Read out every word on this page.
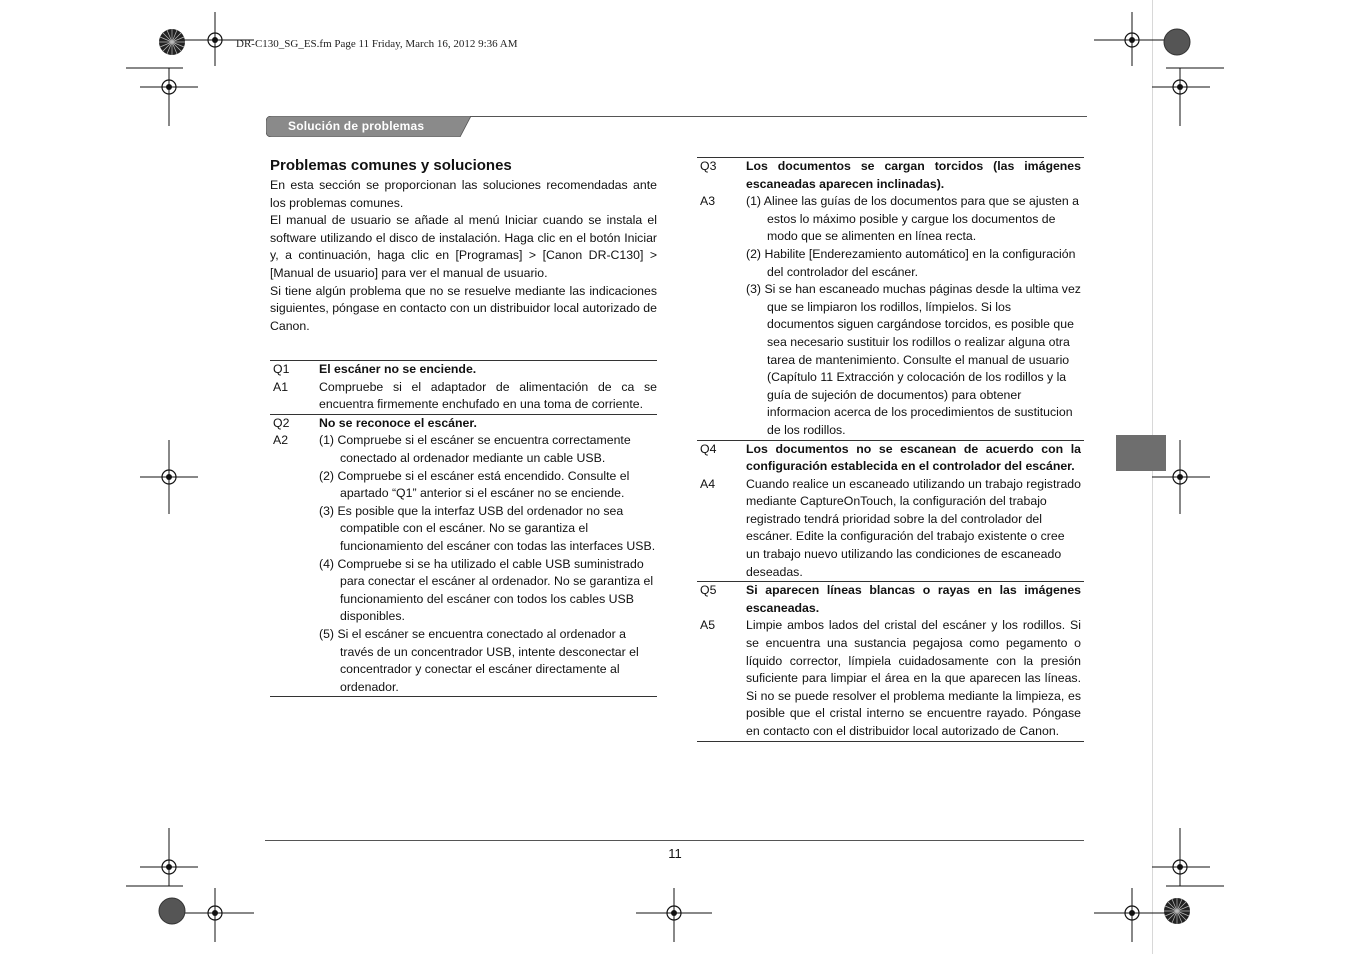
DR-C130_SG_ES.fm Page 11 Friday, March 16, 2012 9:36 AM
Solución de problemas
Problemas comunes y soluciones

En esta sección se proporcionan las soluciones recomendadas ante los problemas comunes.

El manual de usuario se añade al menú Iniciar cuando se instala el software utilizando el disco de instalación. Haga clic en el botón Iniciar y, a continuación, haga clic en [Programas] > [Canon DR-C130] > [Manual de usuario] para ver el manual de usuario.

Si tiene algún problema que no se resuelve mediante las indicaciones siguientes, póngase en contacto con un distribuidor local autorizado de Canon.

Q1	El escáner no se enciende.
A1	Compruebe si el adaptador de alimentación de ca se encuentra firmemente enchufado en una toma de corriente.
Q2	No se reconoce el escáner.
A2	(1) Compruebe si el escáner se encuentra correctamente conectado al ordenador mediante un cable USB.
(2) Compruebe si el escáner está encendido. Consulte el apartado “Q1” anterior si el escáner no se enciende.
(3) Es posible que la interfaz USB del ordenador no sea compatible con el escáner. No se garantiza el funcionamiento del escáner con todas las interfaces USB.
(4) Compruebe si se ha utilizado el cable USB suministrado para conectar el escáner al ordenador. No se garantiza el funcionamiento del escáner con todos los cables USB disponibles.
(5) Si el escáner se encuentra conectado al ordenador a través de un concentrador USB, intente desconectar el concentrador y conectar el escáner directamente al ordenador.
Q3	Los documentos se cargan torcidos (las imágenes escaneadas aparecen inclinadas).
A3	(1) Alinee las guías de los documentos para que se ajusten a estos lo máximo posible y cargue los documentos de modo que se alimenten en línea recta.
(2) Habilite [Enderezamiento automático] en la configuración del controlador del escáner.
(3) Si se han escaneado muchas páginas desde la ultima vez que se limpiaron los rodillos, límpielos. Si los documentos siguen cargándose torcidos, es posible que sea necesario sustituir los rodillos o realizar alguna otra tarea de mantenimiento. Consulte el manual de usuario (Capítulo 11 Extracción y colocación de los rodillos y la guía de sujeción de documentos) para obtener informacion acerca de los procedimientos de sustitucion de los rodillos.
Q4	Los documentos no se escanean de acuerdo con la configuración establecida en el controlador del escáner.
A4	Cuando realice un escaneado utilizando un trabajo registrado mediante CaptureOnTouch, la configuración del trabajo registrado tendrá prioridad sobre la del controlador del escáner. Edite la configuración del trabajo existente o cree un trabajo nuevo utilizando las condiciones de escaneado deseadas.
Q5	Si aparecen líneas blancas o rayas en las imágenes escaneadas.
A5	Limpie ambos lados del cristal del escáner y los rodillos. Si se encuentra una sustancia pegajosa como pegamento o líquido corrector, límpiela cuidadosamente con la presión suficiente para limpiar el área en la que aparecen las líneas. Si no se puede resolver el problema mediante la limpieza, es posible que el cristal interno se encuentre rayado. Póngase en contacto con el distribuidor local autorizado de Canon.
11
